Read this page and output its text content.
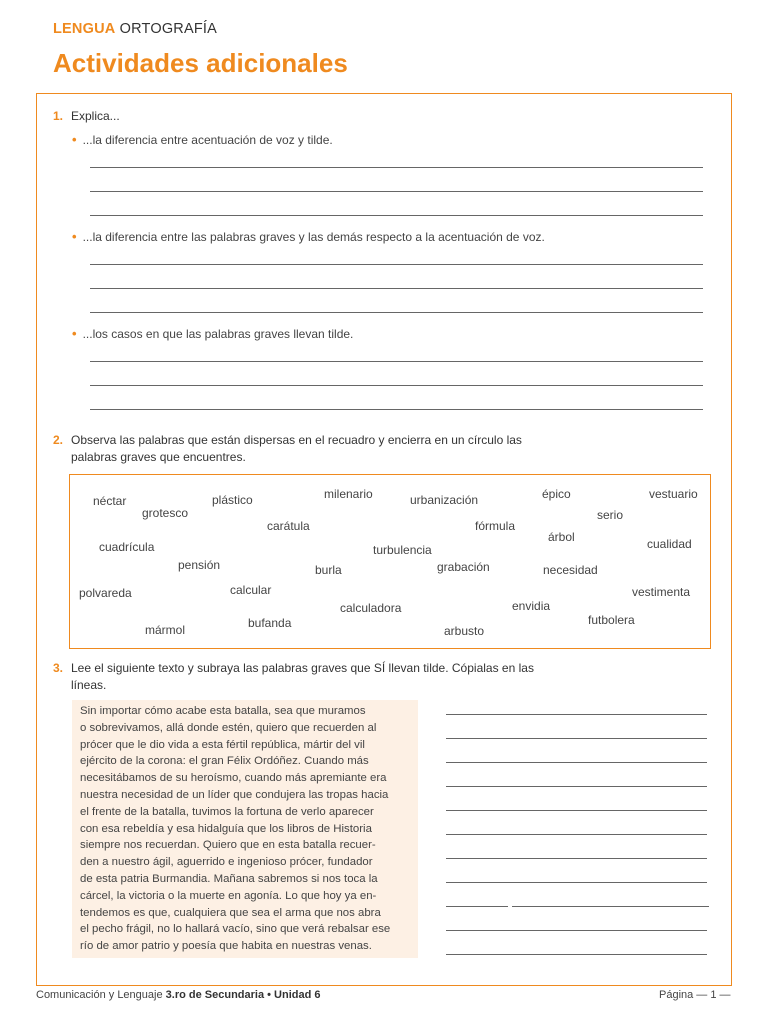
LENGUA ORTOGRAFÍA
Actividades adicionales
1. Explica...
• ...la diferencia entre acentuación de voz y tilde.
• ...la diferencia entre las palabras graves y las demás respecto a la acentuación de voz.
• ...los casos en que las palabras graves llevan tilde.
2. Observa las palabras que están dispersas en el recuadro y encierra en un círculo las
palabras graves que encuentres.
néctar	plástico	milenario	urbanización	épico	vestuario
grotesco
carátula	fórmula
serio
árbol	cualidad
cuadrícula
pensión
turbulencia
burla	grabación	necesidad
polvareda	calcular
calculadora	envidia
vestimenta
bufanda	futbolera
mármol	arbusto
3. Lee el siguiente texto y subraya las palabras graves que SÍ llevan tilde. Cópialas en las
líneas.

Sin importar cómo acabe esta batalla, sea que muramos

o sobrevivamos, allá donde estén, quiero que recuerden al

prócer que le dio vida a esta fértil república, mártir del vil

ejército de la corona: el gran Félix Ordóñez. Cuando más

necesitábamos de su heroísmo, cuando más apremiante era

nuestra necesidad de un líder que condujera las tropas hacia

el frente de la batalla, tuvimos la fortuna de verlo aparecer

con esa rebeldía y esa hidalguía que los libros de Historia

siempre nos recuerdan. Quiero que en esta batalla recuer-

den a nuestro ágil, aguerrido e ingenioso prócer, fundador

de esta patria Burmandia. Mañana sabremos si nos toca la

cárcel, la victoria o la muerte en agonía. Lo que hoy ya en-

tendemos es que, cualquiera que sea el arma que nos abra

el pecho frágil, no lo hallará vacío, sino que verá rebalsar ese

río de amor patrio y poesía que habita en nuestras venas.

Comunicación y Lenguaje 3.ro de Secundaria • Unidad 6	Página — 1 —
